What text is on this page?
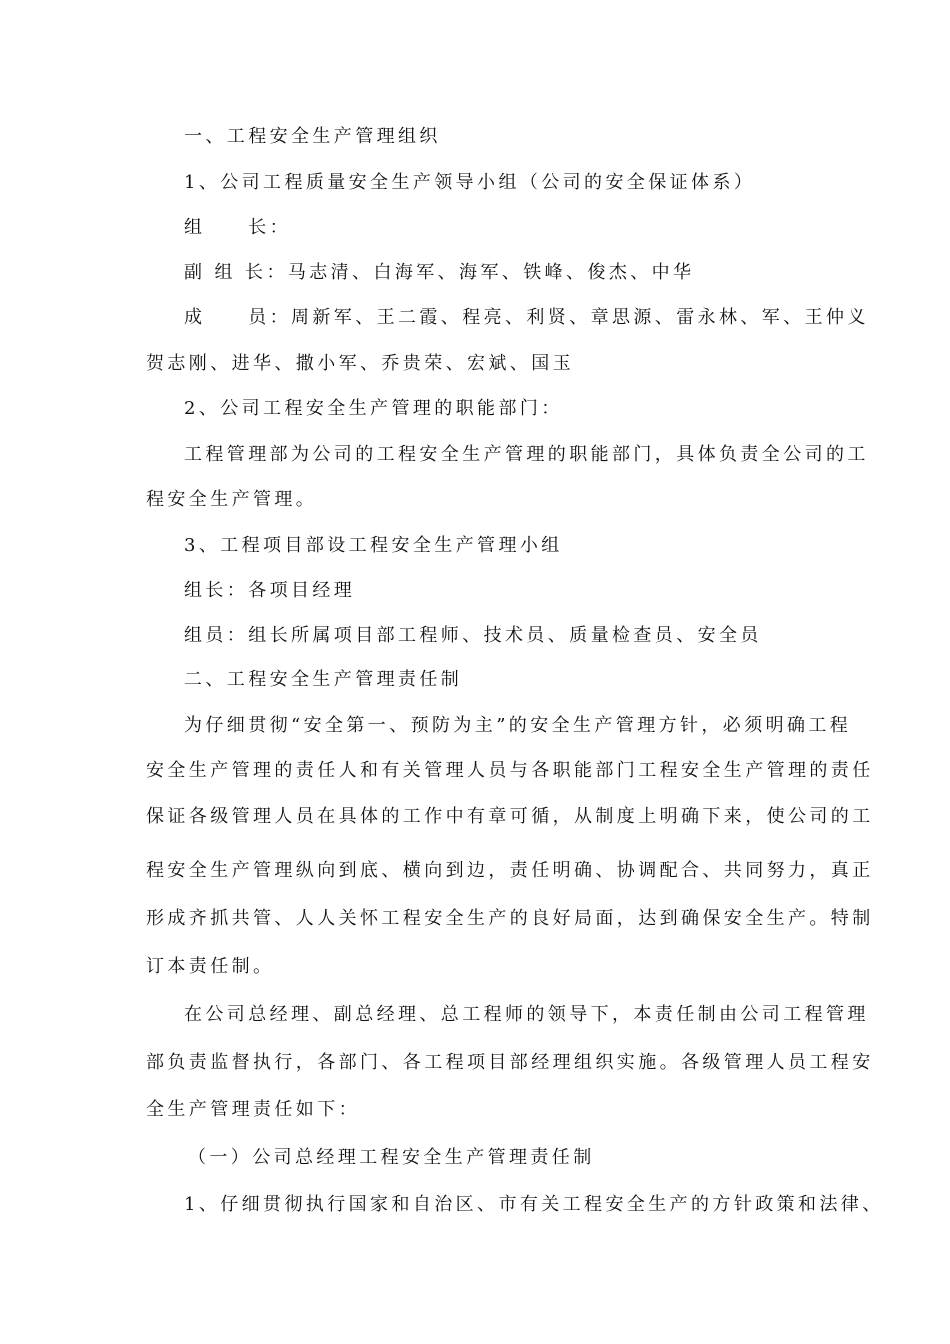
一、工程安全生产管理组织
1、公司工程质量安全生产领导小组（公司的安全保证体系）
组　　长：
副 组 长：马志清、白海军、海军、铁峰、俊杰、中华
成　　员：周新军、王二霞、程亮、利贤、章思源、雷永林、军、王仲义
贺志刚、进华、撒小军、乔贵荣、宏斌、国玉
2、公司工程安全生产管理的职能部门：
工程管理部为公司的工程安全生产管理的职能部门，具体负责全公司的工
程安全生产管理。
3、工程项目部设工程安全生产管理小组
组长：各项目经理
组员：组长所属项目部工程师、技术员、质量检查员、安全员
二、工程安全生产管理责任制
为仔细贯彻“安全第一、预防为主”的安全生产管理方针，必须明确工程
安全生产管理的责任人和有关管理人员与各职能部门工程安全生产管理的责任
保证各级管理人员在具体的工作中有章可循，从制度上明确下来，使公司的工
程安全生产管理纵向到底、横向到边，责任明确、协调配合、共同努力，真正
形成齐抓共管、人人关怀工程安全生产的良好局面，达到确保安全生产。特制
订本责任制。
在公司总经理、副总经理、总工程师的领导下，本责任制由公司工程管理
部负责监督执行，各部门、各工程项目部经理组织实施。各级管理人员工程安
全生产管理责任如下：
（一）公司总经理工程安全生产管理责任制
1、仔细贯彻执行国家和自治区、市有关工程安全生产的方针政策和法律、
